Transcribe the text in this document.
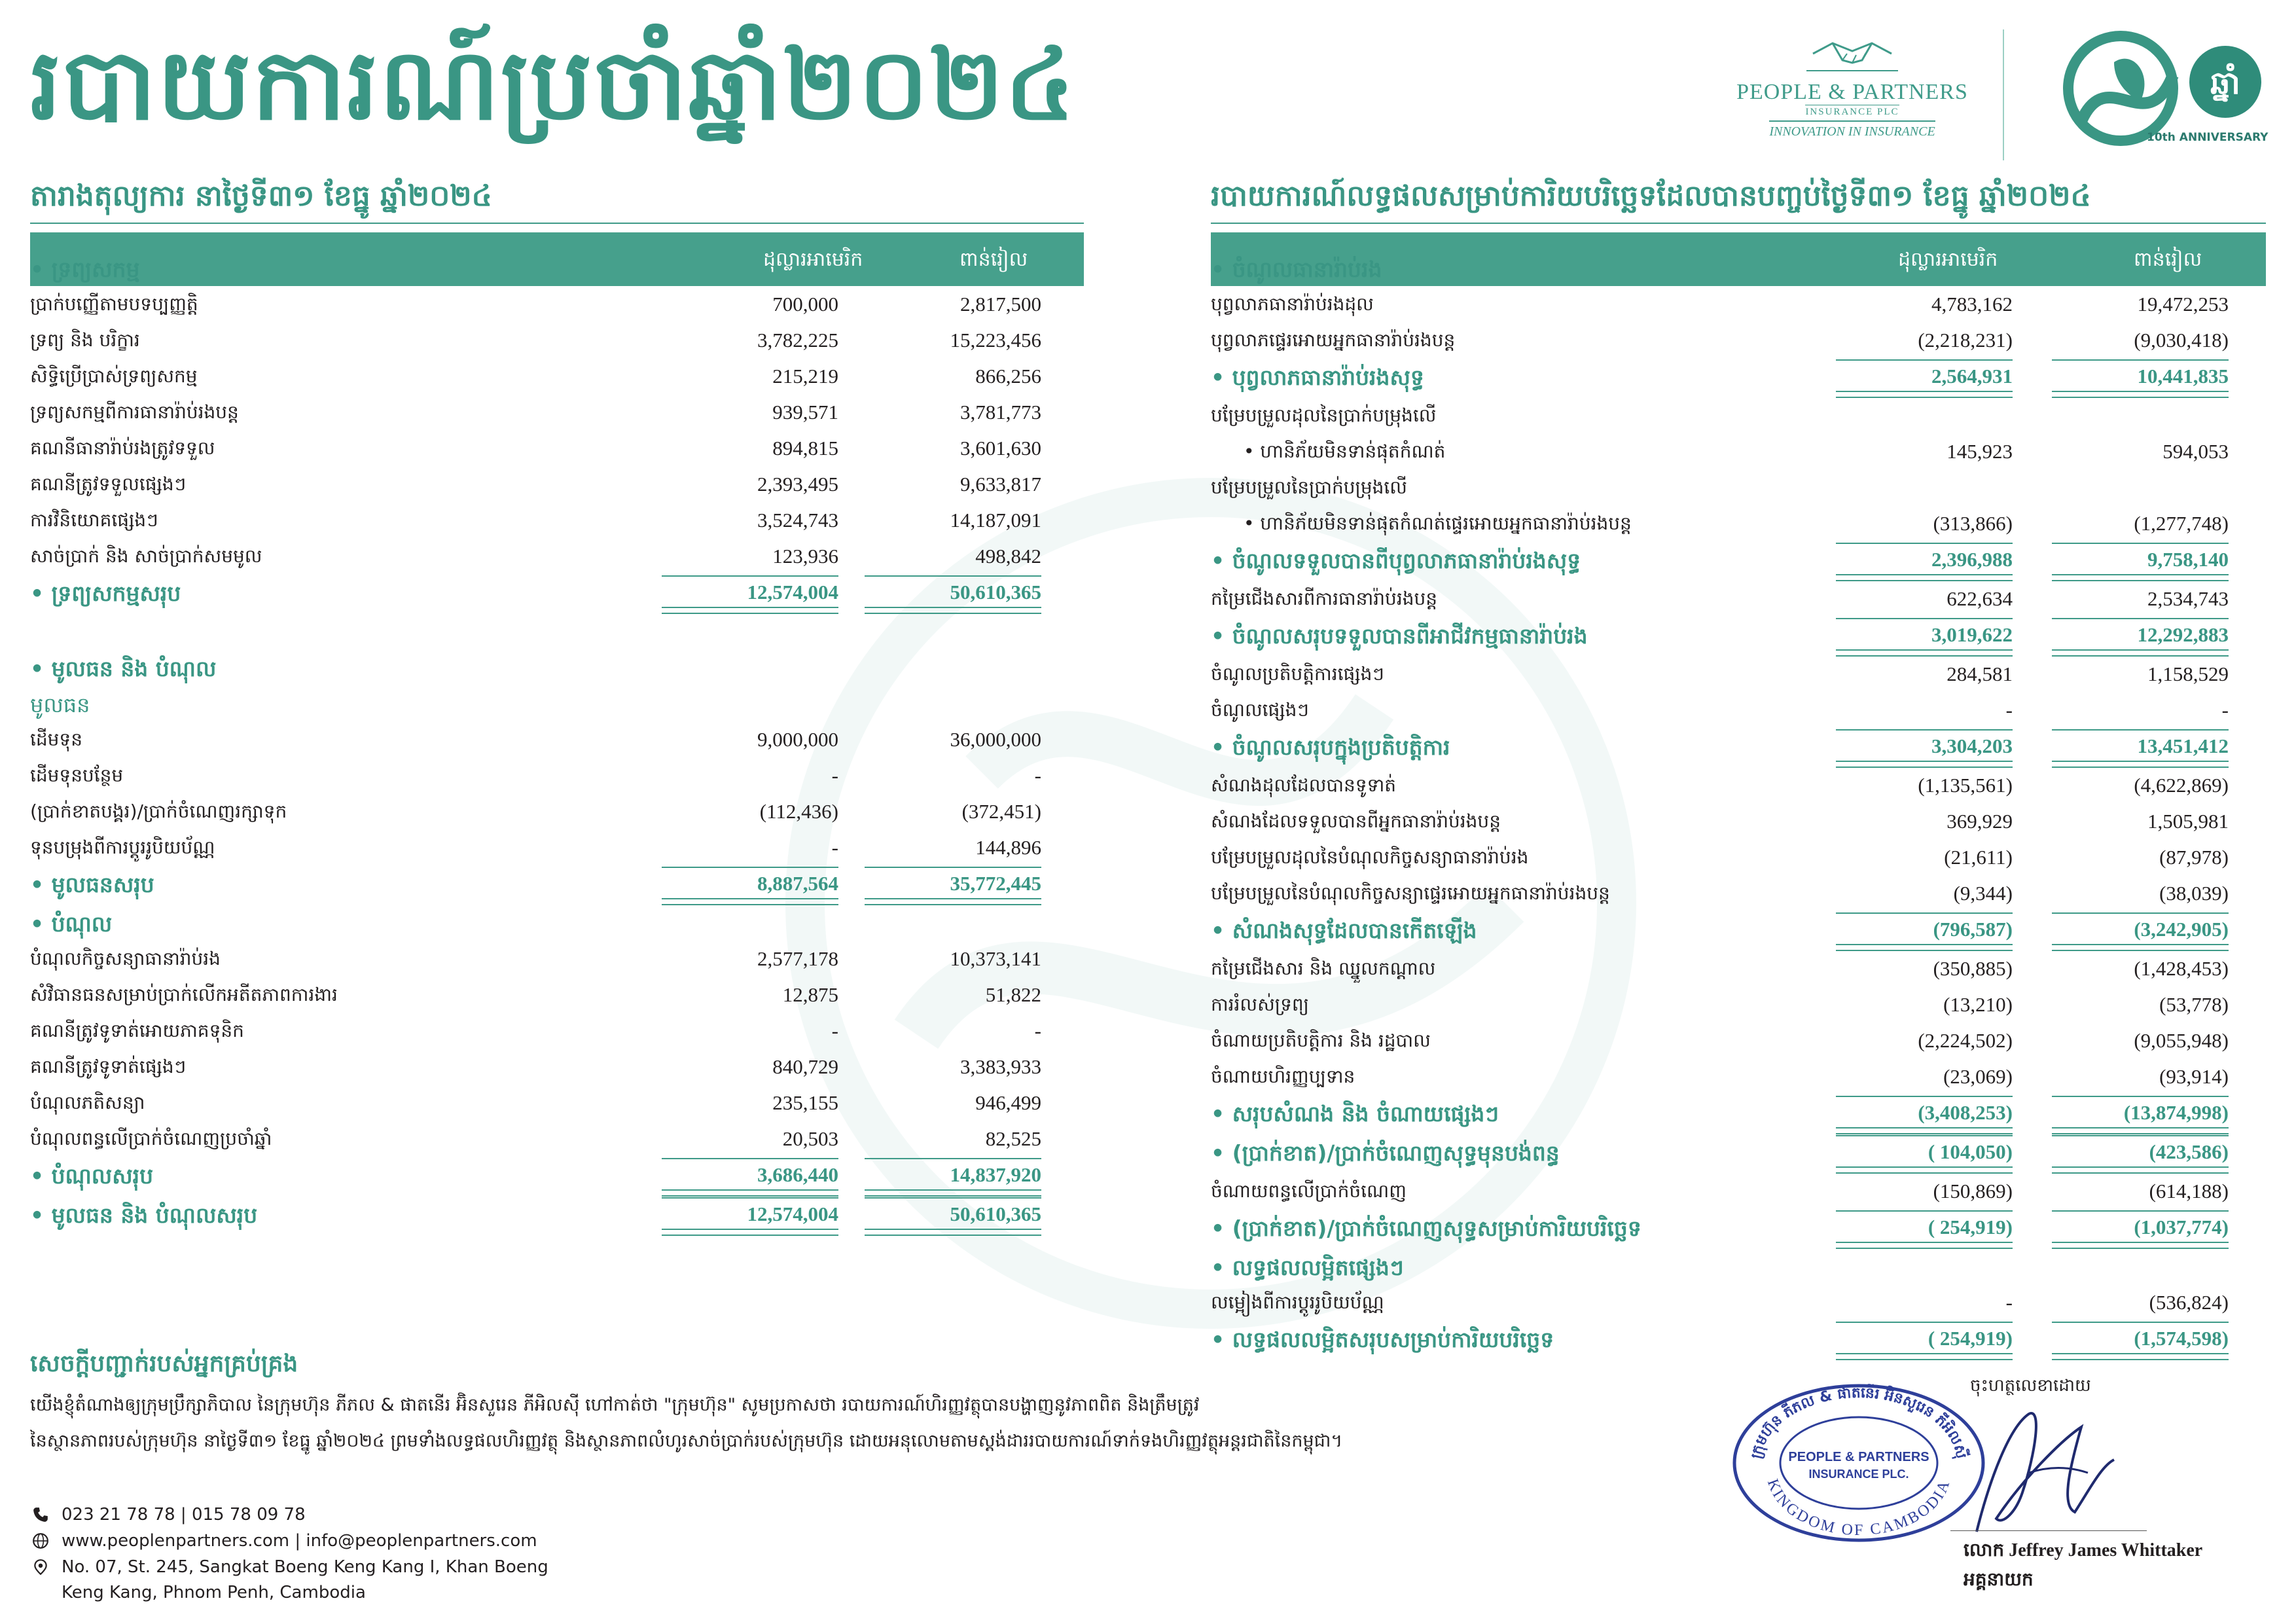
របាយការណ៍ប្រចាំឆ្នាំ២០២៤	PEOPLE & PARTNERS
INSURANCE PLC
INNOVATION IN INSURANCE
ឆ្នាំ
10th ANNIVERSARY
តារាងតុល្យការ នាថ្ងៃទី៣១ ខែធ្នូ ឆ្នាំ២០២៤
ដុល្លារអាមេរិក	ពាន់រៀល
• ទ្រព្យសកម្ម
ប្រាក់បញ្ញើតាមបទប្បញ្ញត្តិ	700,000	2,817,500
ទ្រព្យ និង បរិក្ខារ	3,782,225	15,223,456
សិទ្ធិប្រើប្រាស់ទ្រព្យសកម្ម	215,219	866,256
ទ្រព្យសកម្មពីការធានារ៉ាប់រងបន្ត	939,571	3,781,773
គណនីធានារ៉ាប់រងត្រូវទទួល	894,815	3,601,630
គណនីត្រូវទទួលផ្សេងៗ	2,393,495	9,633,817
ការវិនិយោគផ្សេងៗ	3,524,743	14,187,091
សាច់ប្រាក់ និង សាច់ប្រាក់សមមូល	123,936	498,842
• ទ្រព្យសកម្មសរុប	12,574,004	50,610,365
• មូលធន និង បំណុល
មូលធន
ដើមទុន	9,000,000	36,000,000
ដើមទុនបន្ថែម	-	-
(ប្រាក់ខាតបង្គរ)/ប្រាក់ចំណេញរក្សាទុក	(112,436)	(372,451)
ទុនបម្រុងពីការប្តូររូបិយប័ណ្ណ	-	144,896
• មូលធនសរុប	8,887,564	35,772,445
• បំណុល
បំណុលកិច្ចសន្យាធានារ៉ាប់រង	2,577,178	10,373,141
សំវិធានធនសម្រាប់ប្រាក់លើកអតីតភាពការងារ	12,875	51,822
គណនីត្រូវទូទាត់អោយភាគទុនិក	-	-
គណនីត្រូវទូទាត់ផ្សេងៗ	840,729	3,383,933
បំណុលភតិសន្យា	235,155	946,499
បំណុលពន្ធលើប្រាក់ចំណេញប្រចាំឆ្នាំ	20,503	82,525
• បំណុលសរុប	3,686,440	14,837,920
• មូលធន និង បំណុលសរុប	12,574,004	50,610,365
របាយការណ៍លទ្ធផលសម្រាប់ការិយបរិច្ឆេទដែលបានបញ្ចប់ថ្ងៃទី៣១ ខែធ្នូ ឆ្នាំ២០២៤
ដុល្លារអាមេរិក	ពាន់រៀល
• ចំណូលធានារ៉ាប់រង
បុព្វលាភធានារ៉ាប់រងដុល	4,783,162	19,472,253
បុព្វលាភផ្ទេរអោយអ្នកធានារ៉ាប់រងបន្ត	(2,218,231)	(9,030,418)
• បុព្វលាភធានារ៉ាប់រងសុទ្ធ	2,564,931	10,441,835
បម្រែបម្រួលដុលនៃប្រាក់បម្រុងលើ
• ហានិភ័យមិនទាន់ផុតកំណត់	145,923	594,053
បម្រែបម្រួលនៃប្រាក់បម្រុងលើ
• ហានិភ័យមិនទាន់ផុតកំណត់ផ្ទេរអោយអ្នកធានារ៉ាប់រងបន្ត	(313,866)	(1,277,748)
• ចំណូលទទួលបានពីបុព្វលាភធានារ៉ាប់រងសុទ្ធ	2,396,988	9,758,140
កម្រៃជើងសារពីការធានារ៉ាប់រងបន្ត	622,634	2,534,743
• ចំណូលសរុបទទួលបានពីអាជីវកម្មធានារ៉ាប់រង	3,019,622	12,292,883
ចំណូលប្រតិបត្តិការផ្សេងៗ	284,581	1,158,529
ចំណូលផ្សេងៗ	-	-
• ចំណូលសរុបក្នុងប្រតិបត្តិការ	3,304,203	13,451,412
សំណងដុលដែលបានទូទាត់	(1,135,561)	(4,622,869)
សំណងដែលទទួលបានពីអ្នកធានារ៉ាប់រងបន្ត	369,929	1,505,981
បម្រែបម្រួលដុលនៃបំណុលកិច្ចសន្យាធានារ៉ាប់រង	(21,611)	(87,978)
បម្រែបម្រួលនៃបំណុលកិច្ចសន្យាផ្ទេរអោយអ្នកធានារ៉ាប់រងបន្ត	(9,344)	(38,039)
• សំណងសុទ្ធដែលបានកើតឡើង	(796,587)	(3,242,905)
កម្រៃជើងសារ និង ឈ្នួលកណ្តាល	(350,885)	(1,428,453)
ការរំលស់ទ្រព្យ	(13,210)	(53,778)
ចំណាយប្រតិបត្តិការ និង រដ្ឋបាល	(2,224,502)	(9,055,948)
ចំណាយហិរញ្ញប្បទាន	(23,069)	(93,914)
• សរុបសំណង និង ចំណាយផ្សេងៗ	(3,408,253)	(13,874,998)
• (ប្រាក់ខាត)/ប្រាក់ចំណេញសុទ្ធមុនបង់ពន្ធ	( 104,050)	(423,586)
ចំណាយពន្ធលើប្រាក់ចំណេញ	(150,869)	(614,188)
• (ប្រាក់ខាត)/ប្រាក់ចំណេញសុទ្ធសម្រាប់ការិយបរិច្ឆេទ	( 254,919)	(1,037,774)
• លទ្ធផលលម្អិតផ្សេងៗ
លម្អៀងពីការប្តូររូបិយប័ណ្ណ	-	(536,824)
• លទ្ធផលលម្អិតសរុបសម្រាប់ការិយបរិច្ឆេទ	( 254,919)	(1,574,598)
សេចក្តីបញ្ជាក់របស់អ្នកគ្រប់គ្រង
យើងខ្ញុំតំណាងឲ្យក្រុមប្រឹក្សាភិបាល នៃក្រុមហ៊ុន ភីភល & ផាតនើរ អ៊ិនសួរេន ភីអិលស៊ី ហៅកាត់ថា "ក្រុមហ៊ុន" សូមប្រកាសថា របាយការណ៍ហិរញ្ញវត្ថុបានបង្ហាញនូវភាពពិត និងត្រឹមត្រូវ
នៃស្ថានភាពរបស់ក្រុមហ៊ុន នាថ្ងៃទី៣១ ខែធ្នូ ឆ្នាំ២០២៤ ព្រមទាំងលទ្ធផលហិរញ្ញវត្ថុ និងស្ថានភាពលំហូរសាច់ប្រាក់របស់ក្រុមហ៊ុន ដោយអនុលោមតាមស្តង់ដាររបាយការណ៍ទាក់ទងហិរញ្ញវត្ថុអន្តរជាតិនៃកម្ពុជា។
023 21 78 78 | 015 78 09 78
www.peoplenpartners.com | info@peoplenpartners.com
No. 07, St. 245, Sangkat Boeng Keng Kang I, Khan Boeng
Keng Kang, Phnom Penh, Cambodia
ចុះហត្ថលេខាដោយ
ក្រុមហ៊ុន ភីភល & ផាតនើរ អ៊ិនសួរេន ភីអិលស៊ី
PEOPLE & PARTNERS
INSURANCE PLC.
KINGDOM OF CAMBODIA
លោក Jeffrey James Whittaker
អគ្គនាយក
